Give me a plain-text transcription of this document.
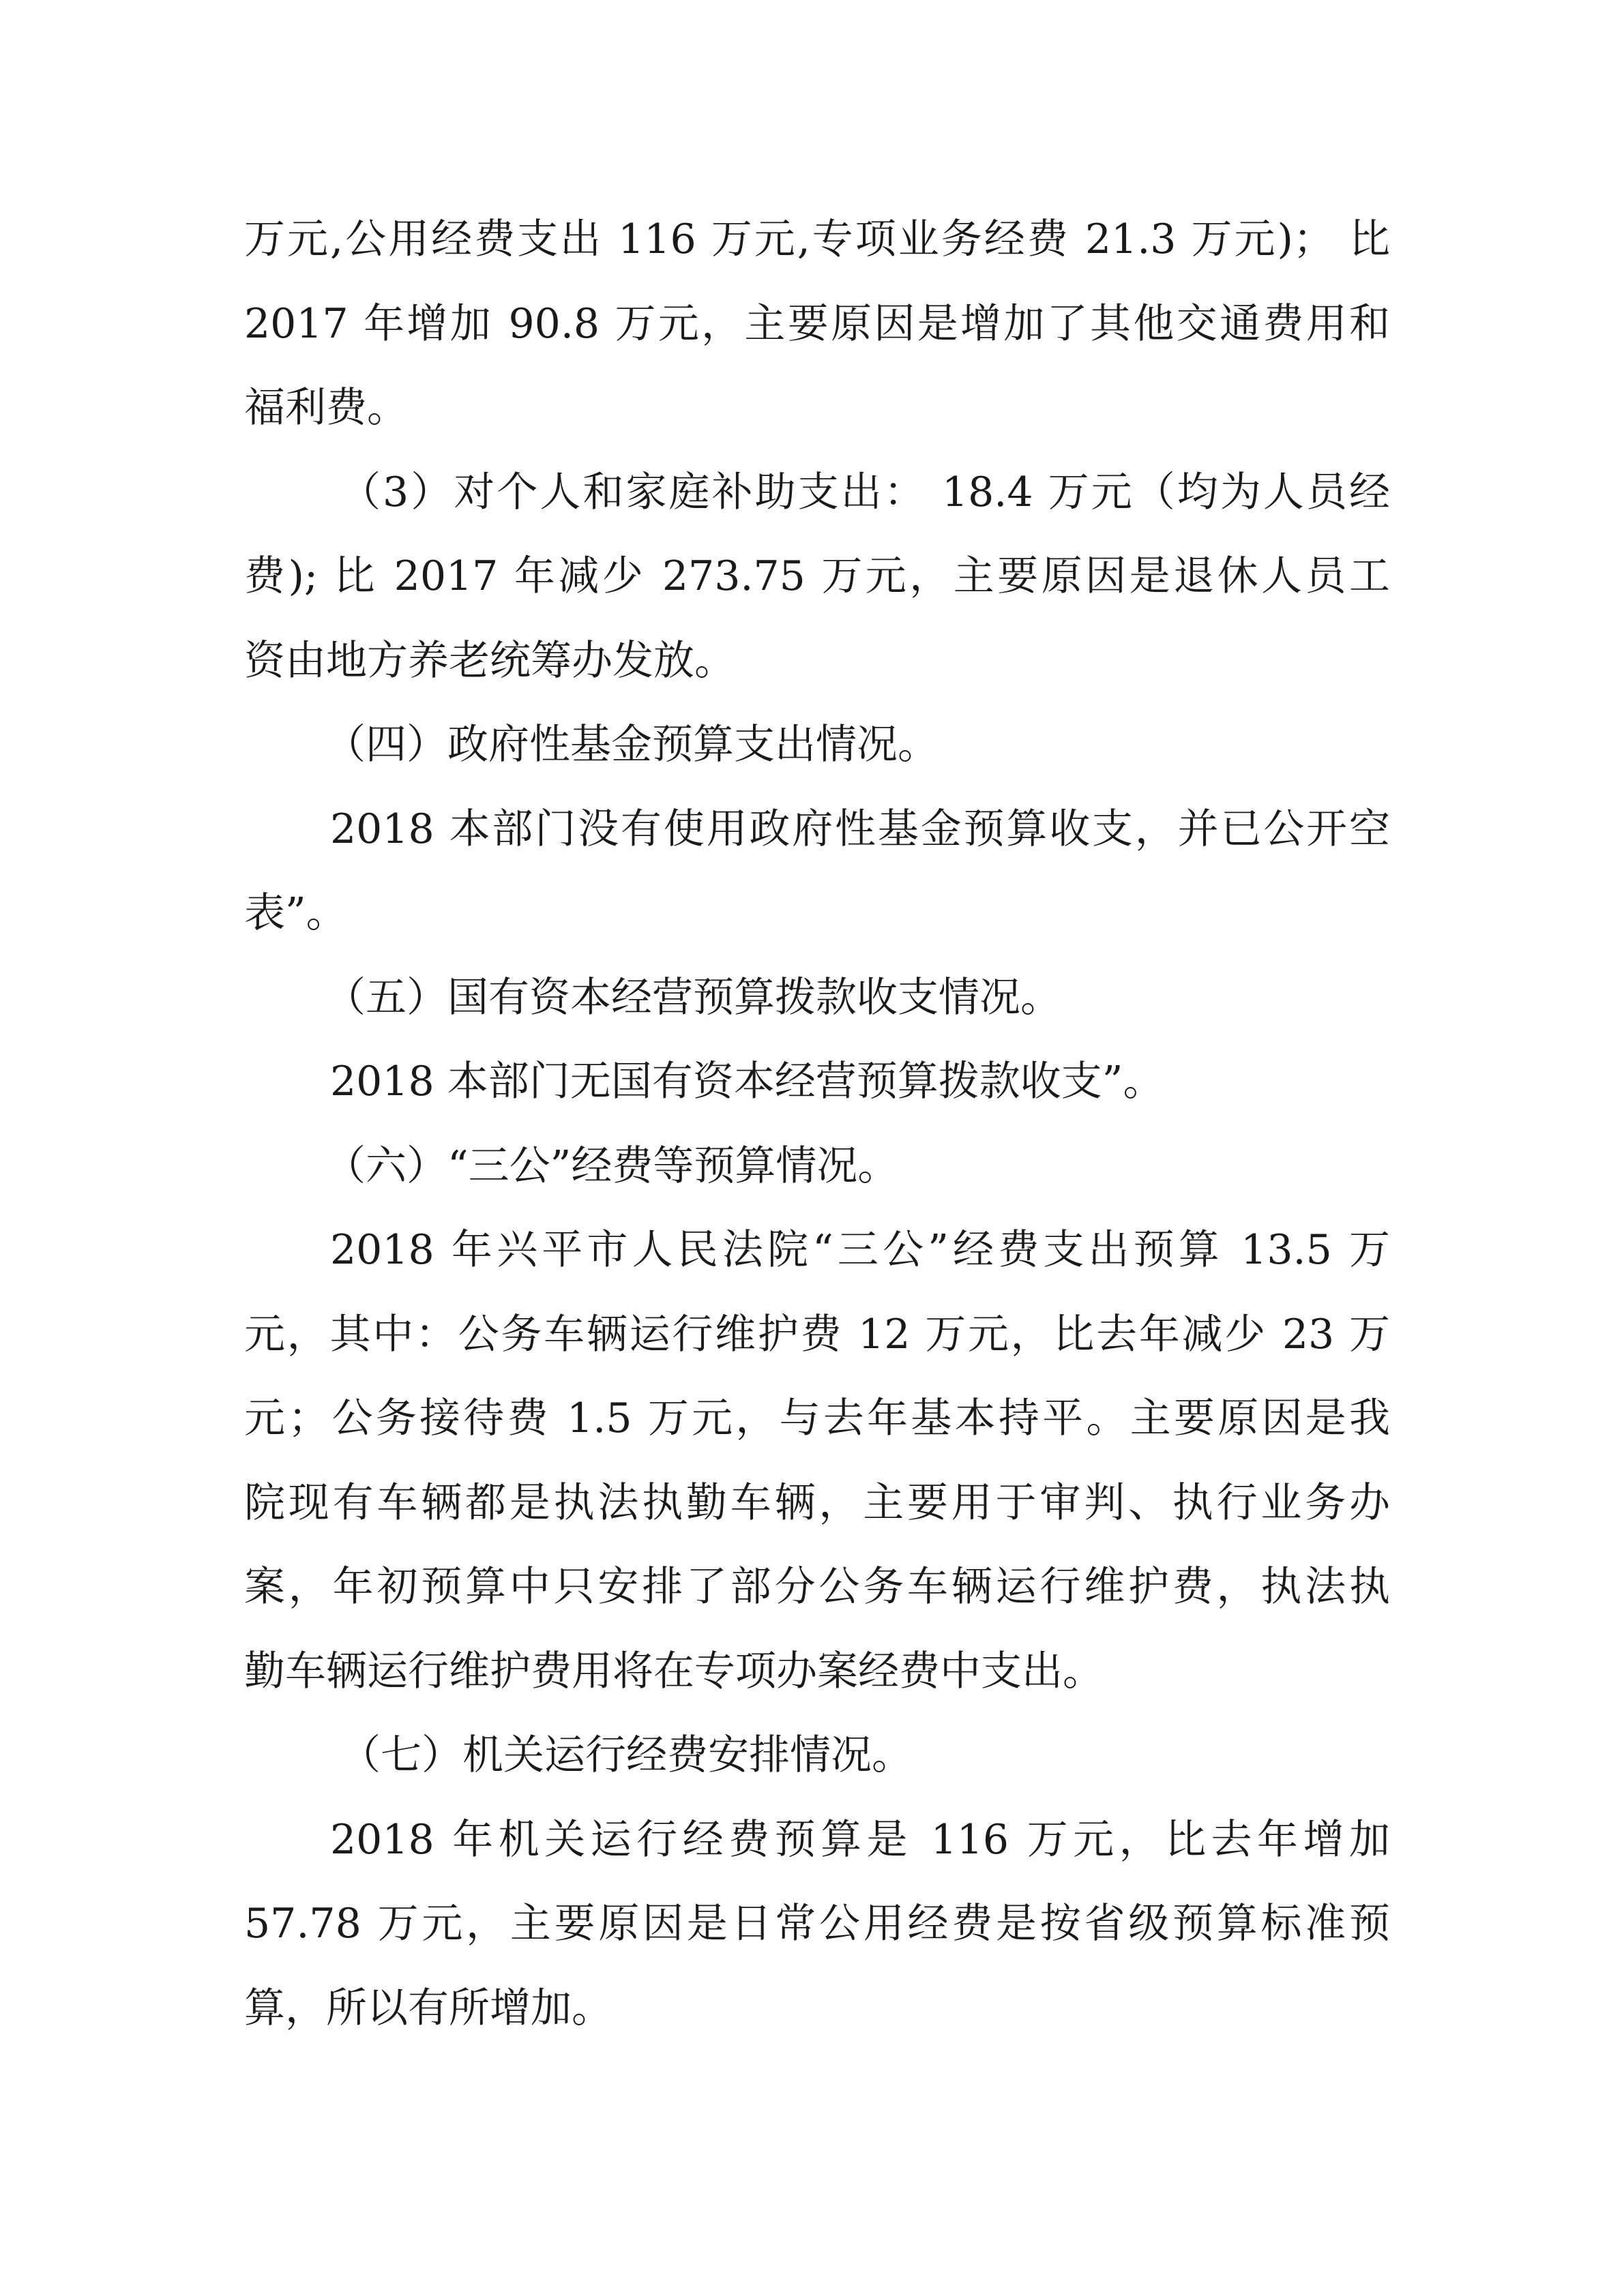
万元,公用经费支出 116 万元,专项业务经费 21.3 万元)； 比
2017 年增加 90.8 万元，主要原因是增加了其他交通费用和
福利费。
（3）对个人和家庭补助支出： 18.4 万元（均为人员经
费); 比 2017 年减少 273.75 万元，主要原因是退休人员工
资由地方养老统筹办发放。
（四）政府性基金预算支出情况。
2018 本部门没有使用政府性基金预算收支，并已公开空
表”。
（五）国有资本经营预算拨款收支情况。
2018 本部门无国有资本经营预算拨款收支”。
（六）“三公”经费等预算情况。
2018 年兴平市人民法院“三公”经费支出预算 13.5 万
元，其中：公务车辆运行维护费 12 万元，比去年减少 23 万
元；公务接待费 1.5 万元，与去年基本持平。主要原因是我
院现有车辆都是执法执勤车辆，主要用于审判、执行业务办
案，年初预算中只安排了部分公务车辆运行维护费，执法执
勤车辆运行维护费用将在专项办案经费中支出。
（七）机关运行经费安排情况。
2018 年机关运行经费预算是 116 万元，比去年增加
57.78 万元，主要原因是日常公用经费是按省级预算标准预
算，所以有所增加。
